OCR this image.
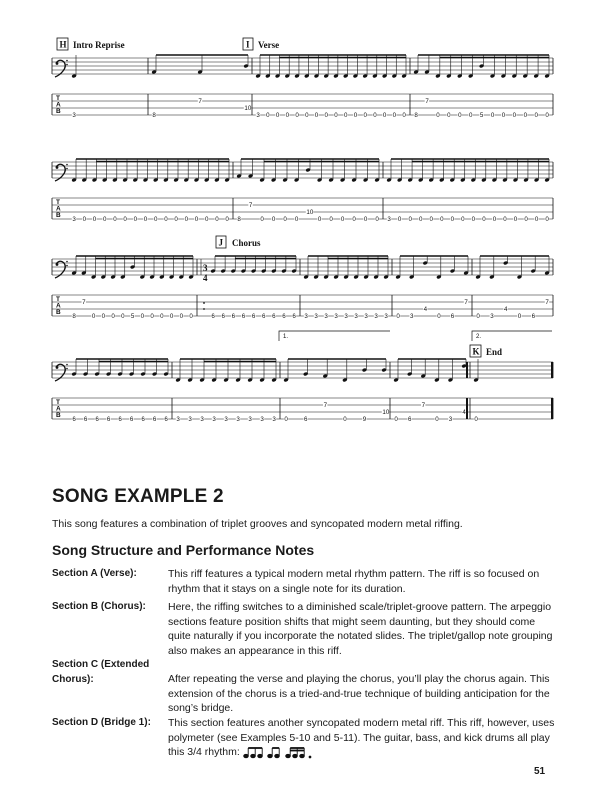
T
A
B
3	8
7
10
3 0 0 0 0 0 0 0 0 0 0 0 0 0 0 0 8
7
0 0 0 0 5 0 0 0 0 0 0
T
A
B
3 0 0 0 0 0 0 0 0 0 0 0 0 0 0 0 8
7
0 0 0 0
10
0 0 0 0 0 0 3 0 0 0 0 0 0 0 0 0 0 0 0 0 0 0
T
A
B
8
7
0 0 0 0 5 0 0 0 0 0 0	6 6 6 6 6 6 6 6 6 3 3 3 3 3 3 3 3 3 0 3
4
0 6
7
0 3
4
0 6
7
T
A
B
6 6 6 6 6 6 6 6 6 3 3 3 3 3 3 3 3 3 0	6
7
0	9
10
0 6
7
0 3
4
0
H Intro Reprise	I Verse
J Chorus
K End
3
4
1.	2.
SONG EXAMPLE 2
This song features a combination of triplet grooves and syncopated modern metal riffing.
Song Structure and Performance Notes
Section A (Verse):	This riff features a typical modern metal rhythm pattern. The riff is so focused on rhythm that it stays on a single note for its duration.
Section B (Chorus):	Here, the riffing switches to a diminished scale/triplet-groove pattern. The arpeggio sections feature position shifts that might seem daunting, but they should come quite naturally if you incorporate the notated slides. The triplet/gallop note grouping also makes an appearance in this riff.
Section C (Extended Chorus):	After repeating the verse and playing the chorus, you’ll play the chorus again. This extension of the chorus is a tried-and-true technique of building anticipation for the song’s bridge.
Section D (Bridge 1):	This section features another syncopated modern metal riff. This riff, however, uses polymeter (see Examples 5-10 and 5-11). The guitar, bass, and kick drums all play this 3/4 rhythm:
51
